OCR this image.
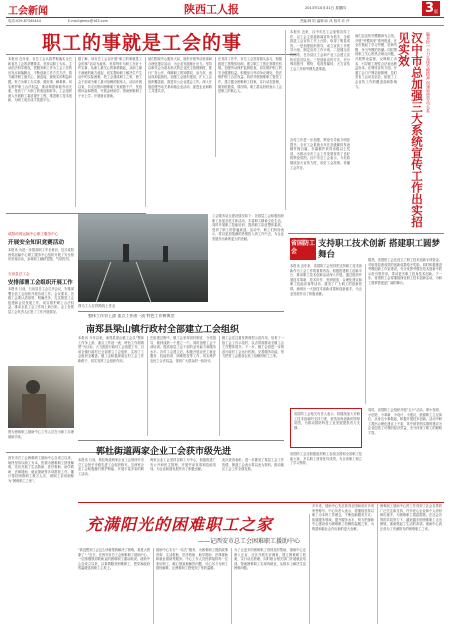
工会新闻	陕西工人报	2013年10月31日 星期四	3 版
电话:029-87345444	E-mail:gherp@163.com	责编:韩 阳 编辑:孙 凤 校对:乔 莎
职工的事就是工会的事
本报讯 近年来，市总工会认真贯彻落实全总和省总工会的部署要求，坚持以职工为本，主动依法科学维权，把服务职工作为工会工作的出发点和落脚点，不断创新工作方式方法，着力解决职工最关心、最直接、最现实的利益问题，努力为职工办实事、做好事、解难事，切实维护职工合法权益，推动构建和谐劳动关系，受到了广大职工的欢迎和好评。工会组织深入开展职工素质提升工程，推进职工技术创新，为职工成长成才搭建平台。
据了解，该市总工会以开展“职工的事就是工会的事”活动为载体，坚持每年为职工办好十件实事，从职工最关心的事情做起，从职工最不满意的地方改起，切实帮助职工解决生产生活中的实际困难，把工会建成职工之家，使工会干部成为职工最可信赖的娘家人。活动开展以来，共走访慰问困难职工家庭数千户，发放慰问金和物资，开展金秋助学，资助困难职工子女上学，开展就业援助。
他们围绕中心服务大局，组织开展劳动竞赛和合理化建议活动，为企业发展献计出力。坚持以职代会为基本形式的企业民主管理制度，推行厂务公开，保障职工的知情权、参与权、表达权和监督权。加强工会组织建设，扩大工会组织覆盖面，推进非公企业建会工作。深入开展创建劳动关系和谐企业活动，促进企业和职工共建共享。
在具体工作中，市总工会坚持源头参与，积极推进工资集体协商，建立职工工资正常增长机制。加强劳动保护监督检查，切实维护职工的安全健康权益。积极参与劳动争议调处，依法维护职工合法权益。同时开展困难职工帮扶工作，建立健全困难职工档案，实行动态管理，做到底数清、情况明。职工群众纷纷表示工会是职工的贴心人。
本报讯 近来，汉中市总工会加强宣传工作，以工会主渠道新闻宣传为抓手，全面推进工会宣传工作上台阶，取得了明显成效。一是加强组织领导，成立宣传工作领导小组，制定宣传工作计划。二是健全宣传网络，在各县区工会和产业工会建立宣传信息员队伍。三是创新宣传方式，充分利用报刊、网络、电视等媒体，大力宣传工会工作和劳模先进事迹。	编者按 | 大力弘扬劳模精神 创建和谐劳动关系
汉中市总加强三大系统宣传工作出实招见实效
他们以宣传劳模精神为主线，开展“劳模风采”系列报道，在全市掀起了学习劳模、崇尚劳模、争当劳模的热潮。同时围绕职工关心的热点难点问题，开展舆论监督，反映职工诉求，引导职工理性合法表达利益诉求。在网络宣传方面，开通工会门户网站和微博，及时发布工会动态信息，拓展了工会宣传工作的覆盖面和影响力。
宣传工作进一步加强，舆论引导能力明显提升。全市工会系统全年在各级媒体发表稿件数百篇，多篇稿件获得省级以上奖项，为推动全市工会工作发展营造了良好的舆论氛围。汉中市总工会表示，今后将继续加大宣传力度，讲好工会故事，传播工会声音。
咸阳西郊运输中心职工服务中心
开展安全知识竞赛活动
本报讯 为进一步提高职工安全意识，近日咸阳西郊运输中心职工服务中心组织开展了安全知识竞赛活动，参赛职工踊跃答题，气氛热烈。
石泉县总工会
安排部署工会组织开展工作
本报讯 日前，石泉县总工会召开会议，安排部署全县工会组织开展各项工作。会议要求，各级工会要认清形势，明确任务，扎实推进工会组建和会员发展工作，切实维护职工合法权益，推动全县工会工作再上新台阶。会上各基层工会负责人汇报了工作开展情况。
图为工人在铁路线上作业
工会服务站点建设情况如下：各基层工会积极组织职工参加各类文体活动，丰富职工精神文化生活。同时开展职工技能培训，提高职工队伍整体素质，受到了职工的普遍欢迎。活动中，职工们纷纷表示，将以更加饱满的热情投入到工作中去，为企业发展作出新的更大的贡献。
省国防工会
支持职工技术创新 搭建职工圆梦舞台
本报讯 近年来，省国防工会坚持把支持职工技术创新作为工会工作的重要内容，积极搭建职工创新平台，推动职工技术创新活动深入开展。通过组织开展技术革新、技术协作、发明创造、合理化建议和职工技能竞赛等活动，激发了广大职工的创新热情，涌现出一大批技术创新成果和创新能手，为企业发展作出了积极贡献。
据悉，省国防工会还设立了职工技术创新专项资金，对取得显著成效的创新成果给予奖励。同时积极推进劳模创新工作室建设，充分发挥劳模在技术创新中的示范引领作用，带动更多职工投身技术创新。下一步，省国防工会将继续深化职工技术创新活动，为职工圆梦搭建更广阔的舞台。
整体工作争上游 重点工作创一流 特色工作树典型
南郑县梁山镇行政村全部建立工会组织
本报讯 今年以来，南郑县梁山镇工会以“整体工作争上游、重点工作创一流、特色工作树典型”为目标，大力推进行政村工会组建工作，目前全镇行政村已全部建立工会组织，实现了工会组织全覆盖。镇工会积极探索农村工会工作新路子，切实发挥工会组织作用。
在组建过程中，镇工会坚持因村制宜、分类指导，做到成熟一个建立一个。同时加强工会干部培训，提高基层工会干部的业务能力和服务水平。各村工会建立后，积极开展农民工就业服务、技能培训、困难帮扶等工作，切实维护农民工合法权益，得到广大群众的一致好评。
镇工会还注重发挥典型示范作用，培育了一批工会工作示范村，以点带面推动全镇工会工作整体提升。下一步，镇工会将进一步规范行政村工会运行机制，完善服务功能，努力把村工会建成农民工信赖的职工之家。
省国防工会相关负责人表示，将继续加大对职工技术创新的支持力度，营造崇尚创新的浓厚氛围，为推动国防科技工业发展提供有力支撑。
图为困难职工援助中心工作人员在为职工办理援助手续。
西安市总工会困难职工援助中心自成立以来，始终坚持以职工为本，热情为困难职工排忧解难，先后开展了生活救助、医疗救助、助学救助、法律援助、就业援助等多项帮扶工作，累计帮扶困难职工数万人次，被职工亲切地称为“困难职工之家”。
郭杜街道两家企业工会获市级先进
本报讯 日前，郭杜街道两家企业工会被西安市总工会授予市级先进工会组织称号。这两家企业工会积极履行维护职能，开展丰富多彩的职工活动。
两家企业工会坚持以职工为中心，积极推进厂务公开和民主管理，开展劳动竞赛和技能培训，为企业和谐发展作出了积极贡献。
此次获得表彰，进一步激发了基层工会工作热情，街道工会表示将以此为契机，推动辖区工会工作全面发展。
同时，省国防工会组织开展“五小”活动，即小发明、小创造、小革新、小设计、小建议，鼓励职工立足岗位，从身边小事做起，积极开展技术创新。活动中职工提出合理化建议上千条，其中被采纳实施的建议为企业创造了可观的经济效益，充分体现了职工的聪明才智。
省国防工会还积极组织职工参加全国和全省职工技能大赛，多名职工获得优异成绩，为全省职工树立了学习榜样。
充满阳光的困难职工之家
——记西安市总工会困难职工援助中心
“真没想到工会这么快就帮我解决了困难，真是太感谢了！”近日，在西安市总工会困难职工援助中心，一位刚刚领到救助金的困难职工激动地说。援助中心自成立以来，以真情服务困难职工，把党和政府的温暖送到职工心坎上。
援助中心实行“一站式”服务，为困难职工提供政策咨询、生活救助、医疗救助、助学救助、法律援助和就业援助等服务。中心工作人员热情接待每一位来访职工，耐心细致地解答问题，尽心尽力为职工排忧解难，让困难职工感受到了家的温暖。
为了让更多的困难职工得到及时帮助，援助中心还深入企业、社区开展走访调查，建立困难职工档案，实行动态管理。同时联合相关部门开展就业培训，帮助困难职工实现再就业，从根本上解决生活困难问题。
多年来，援助中心先后获得全国和省市多项荣誉称号。中心负责人表示，将继续坚持以职工为本的工作理念，不断创新服务方式，拓展服务领域，提升服务水平，努力把援助中心建设成为困难职工信赖的温暖之家，为构建和谐社会作出新的更大贡献。
困难职工援助中心的工作得到了社会各界的广泛关注和支持，许多爱心企业和个人纷纷伸出援手，为困难职工捐款捐物。在社会各界的共同努力下，越来越多的困难职工走出困境，重新燃起了生活的希望。援助中心真正成为了充满阳光的困难职工之家。
